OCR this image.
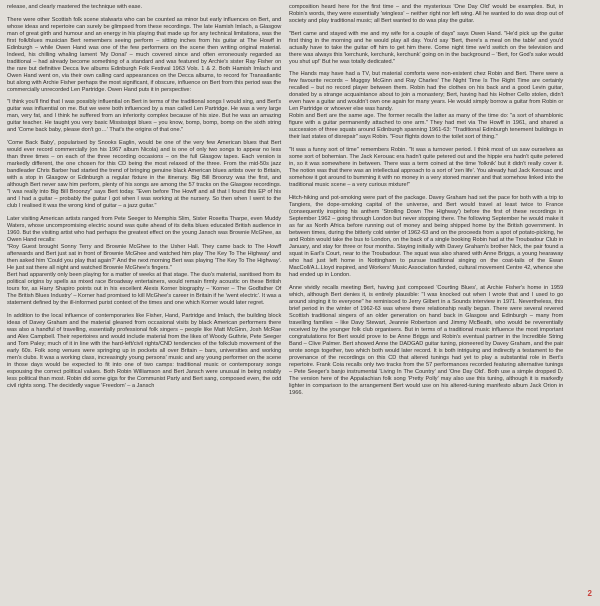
release, and clearly mastered the technique with ease.

There were other Scottish folk scene stalwarts who can be counted as minor but early influences on Bert, and whose ideas and repertoire can surely be glimpsed from these recordings. The late Hamish Imlach, a Glasgow man of great girth and humour and an energy in his playing that made up for any technical limitations, was the first folk/blues musician Bert remembers seeing perform – sitting inches from his guitar at The Howff in Edinburgh – while Owen Hand was one of the few performers on the scene then writing original material. Indeed, his chilling whaling lament 'My Donal' – much covered since and often erroneously regarded as traditional – had already become something of a standard and was featured by Archie's sister Ray Fisher on the rare but definitive Decca live albums Edinburgh Folk Festival 1963 Vols. 1 & 2. Both Hamish Imlach and Owen Hand went on, via their own calling card appearances on the Decca albums, to record for Transatlantic but along with Archie Fisher perhaps the most significant, if obscure, influence on Bert from this period was the commercially unrecorded Len Partridge. Owen Hand puts it in perspective:

"I think you'll find that I was possibly influential on Bert in terms of the traditional songs I would sing, and Bert's guitar was influential on me. But we were both influenced by a man called Len Partridge. He was a very large man, very fat, and I think he suffered from an inferiority complex because of his size. But he was an amazing guitar teacher. He taught you very basic Mississippi blues – you know, bomp, bomp, bomp on the sixth string and 'Come back baby, please don't go…' That's the origins of that one."

'Come Back Baby', popularised by Snooks Eaglin, would be one of the very few American blues that Bert would ever record commercially (on his 1967 album Nicola) and is one of only two songs to appear no less than three times – on each of the three recording occasions – on the full Glasgow tapes. Each version is markedly different, the one chosen for this CD being the most relaxed of the three. From the mid-50s jazz bandleader Chris Barber had started the trend of bringing genuine black American blues artists over to Britain, with a stop in Glasgow or Edinburgh a regular fixture in the itinerary. Big Bill Broonzy was the first, and although Bert never saw him perform, plenty of his songs are among the 57 tracks on the Glasgow recordings. "I was really into Big Bill Broonzy" says Bert today. "Even before The Howff and all that I found this EP of his and I had a guitar – probably the guitar I got when I was working at the nursery. So then when I went to the club I realised it was the wrong kind of guitar – a jazz guitar."

Later visiting American artists ranged from Pete Seeger to Memphis Slim, Sister Rosetta Tharpe, even Muddy Waters, whose uncompromising electric sound was quite ahead of its delta blues educated British audience in 1960. But the visiting artist who had perhaps the greatest effect on the young Jansch was Brownie McGhee, as Owen Hand recalls:
"Roy Guest brought Sonny Terry and Brownie McGhee to the Usher Hall. They came back to The Howff afterwards and Bert just sat in front of Brownie McGhee and watched him play 'The Key To The Highway' and then asked him 'Could you play that again?' And the next morning Bert was playing 'The Key To The Highway'. He just sat there all night and watched Brownie McGhee's fingers."
Bert had apparently only been playing for a matter of weeks at that stage. The duo's material, sanitised from its political origins by spells as mixed race Broadway entertainers, would remain firmly acoustic on these British tours for, as Harry Shapiro points out in his excellent Alexis Korner biography – 'Korner – The Godfather Of The British Blues Industry' – Korner had promised to kill McGhee's career in Britain if he 'went electric'. It was a statement defined by the ill-informed purist context of the times and one which Korner would later regret.

In addition to the local influence of contemporaries like Fisher, Hand, Partridge and Imlach, the building block ideas of Davey Graham and the material gleaned from occasional visits by black American performers there was also a handful of travelling, essentially professional folk singers – people like Matt McGinn, Josh McRae and Alex Campbell. Their repertoires and would include material from the likes of Woody Guthrie, Pete Seeger and Tom Paley; much of it in line with the hard-left/civil rights/CND tendencies of the folkclub movement of the early 60s. Folk song venues were springing up in pockets all over Britain – bars, universities and working men's clubs. It was a working class, increasingly young persons' music and any young performer on the scene in those days would be expected to fit into one of two camps: traditional music or contemporary songs espousing the correct political values. Both Robin Williamson and Bert Jansch were unusual in being notably less political than most. Robin did some gigs for the Communist Party and Bert sang, composed even, the odd civil rights song. The decidedly vague 'Freedom' – a Jansch

composition heard here for the first time – and the mysterious 'One Day Old' would be examples. But, in Robin's words, they were essentially 'wingless' – neither right nor left wing. All he wanted to do was drop out of society and play traditional music; all Bert wanted to do was play the guitar.

"Bert came and stayed with me and my wife for a couple of days" says Owen Hand. "He'd pick up the guitar first thing in the morning and he would play all day. You'd say 'Bert, there's a meal on the table' and you'd actually have to take the guitar off him to get him there. Come night time we'd switch on the television and there was always this 'kerchunk, kerchunk, kerchunk' going on in the background – 'Bert, for God's sake would you shut up!' But he was totally dedicated."

The Hands may have had a TV, but material comforts were non-existent chez Robin and Bert. There were a few favourite records – Muggsy McGinn and Ray Charles' The Night Time Is The Right Time are certainly recalled – but no record player between them. Robin had the clothes on his back and a good Levin guitar, donated by a strange acquaintance about to join a monastery; Bert, having had his Hofner Cello stolen, didn't even have a guitar and wouldn't own one again for many years. He would simply borrow a guitar from Robin or Len Partridge or whoever else was handy.
Robin and Bert are the same age. The former recalls the latter as many of the time do: "a sort of shamblonic figure with a guitar permanently attached to one arm." They had met via The Howff in 1961, and shared a succession of three squats around Edinburgh spanning 1961-63: "Traditional Edinburgh tenement buildings in their last states of disrepair" says Robin. "Four flights down to the toilet sort of thing."

"It was a funny sort of time" remembers Robin. "It was a turnover period. I think most of us saw ourselves as some sort of bohemian. The Jack Kerouac era hadn't quite petered out and the hippie era hadn't quite petered in, so it was somewhere in between. There was a term coined at the time 'folknik' but it didn't really cover it. The notion was that there was an intellectual approach to a sort of 'zen life'. You already had Jack Kerouac and somehow it got around to bumming it with no money in a very stoned manner and that somehow linked into the traditional music scene – a very curious mixture!"

Hitch-hiking and pot-smoking were part of the package. Davey Graham had set the pace for both with a trip to Tangiers, the dope-smoking capital of the universe, and Bert would travel at least twice to France (consequently inspiring his anthem 'Strolling Down The Highway') before the first of these recordings in September 1962 – going through London but never stopping there. The following September he would make it as far as North Africa before running out of money and being shipped home by the British government. In between times, during the bitterly cold winter of 1962-63 and on the proceeds from a spot of potato-picking, he and Robin would take the bus to London, on the back of a single booking Robin had at the Troubadour Club in January, and stay for three or four months. Staying initially with Davey Graham's brother Nick, the pair found a squat in Earl's Court, near to the Troubadour. The squat was also shared with Anne Briggs, a young hearaway who had just left home in Nottingham to pursue traditional singing on the coat-tails of the Ewan MacColl/A.L.Lloyd inspired, and Workers' Music Association funded, cultural movement Centre 42, whence she had ended up in London.

Anne vividly recalls meeting Bert, having just composed 'Courting Blues', at Archie Fisher's home in 1959 which, although Bert denies it, is entirely plausible: "I was knocked out when I wrote that and I used to go around singing it to everyone" he reminisced to Jerry Gilbert in a Sounds interview in 1971. Nevertheless, this brief period in the winter of 1962-63 was where there relationship really began. There were several revered Scottish traditional singers of an older generation on hand back in Glasgow and Edinburgh – many from travelling families – like Davy Stewart, Jeannie Robertson and Jimmy McBeath, who would be reverentially received by the younger folk club organisers. But in terms of a traditional music influence the most important congratulations for Bert would prove to be Anne Briggs and Robin's eventual partner in the Incredible String Band – Clive Palmer. Bert showed Anne the DADGAD guitar tuning, pioneered by Davey Graham, and the pair wrote songs together, two which both would later record. It is both intriguing and indirectly a testament to the provenance of the recordings on this CD that altered tunings had yet to play a substantial role in Bert's repertoire. Frank Coia recalls only two tracks from the 57 performances recorded featuring alternative tunings – Pete Seeger's banjo instrumental 'Living In The Country' and 'One Day Old'. Both use a simple dropped D. The version here of the Appalachian folk song 'Pretty Polly' may also use this tuning, although it is markedly lighter in comparison to the arrangement Bert would use on his altered-tuning manifesto album Jack Orion in 1966.

2
